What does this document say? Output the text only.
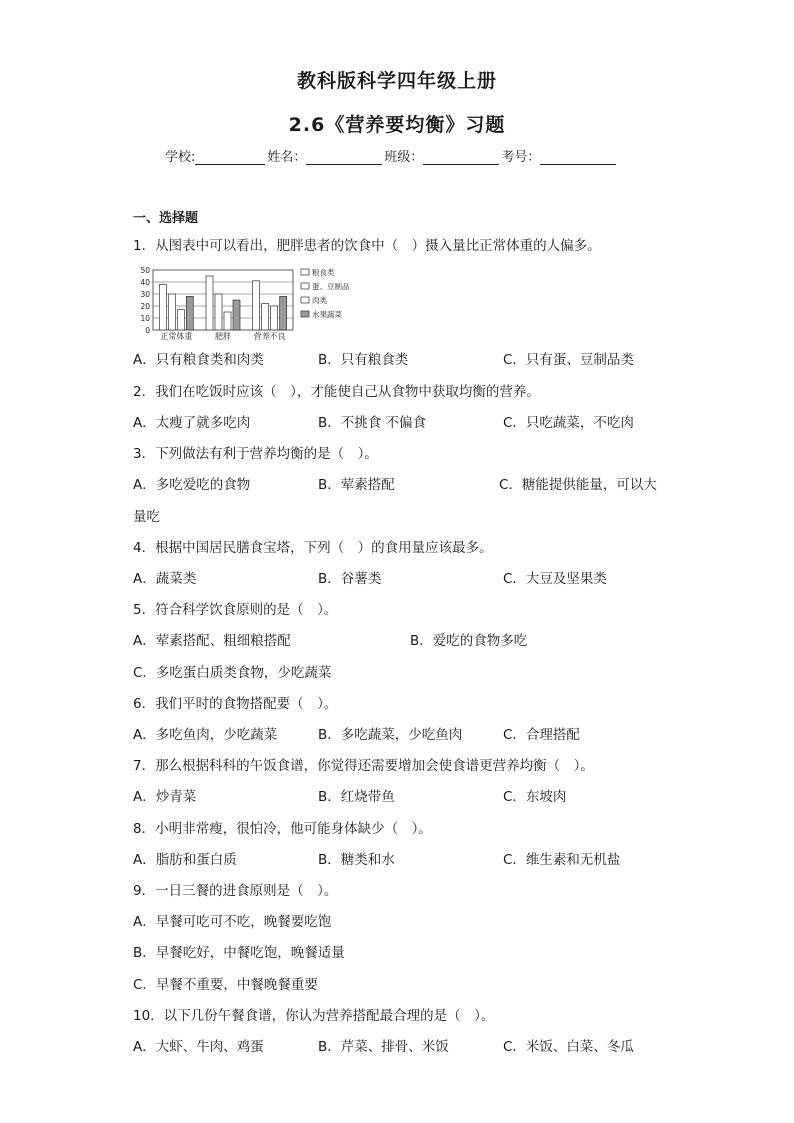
教科版科学四年级上册
2.6《营养要均衡》习题
学校:	姓名：	班级：	考号：
一、选择题
1．从图表中可以看出，肥胖患者的饮食中（　）摄入量比正常体重的人偏多。
0
10
20
30
40
50
正常体重	肥胖	营养不良
粮食类
蛋、豆制品
肉类
水果蔬菜
A．只有粮食类和肉类	B．只有粮食类	C．只有蛋、豆制品类
2．我们在吃饭时应该（　），才能使自己从食物中获取均衡的营养。
A．太瘦了就多吃肉	B．不挑食 不偏食	C．只吃蔬菜，不吃肉
3．下列做法有利于营养均衡的是（　）。
A．多吃爱吃的食物	B．荤素搭配	C．糖能提供能量，可以大
量吃
4．根据中国居民膳食宝塔，下列（　）的食用量应该最多。
A．蔬菜类	B．谷薯类	C．大豆及坚果类
5．符合科学饮食原则的是（　）。
A．荤素搭配、粗细粮搭配	B．爱吃的食物多吃
C．多吃蛋白质类食物，少吃蔬菜
6．我们平时的食物搭配要（　）。
A．多吃鱼肉，少吃蔬菜	B．多吃蔬菜，少吃鱼肉	C．合理搭配
7．那么根据科科的午饭食谱，你觉得还需要增加会使食谱更营养均衡（　）。
A．炒青菜	B．红烧带鱼	C．东坡肉
8．小明非常瘦，很怕冷，他可能身体缺少（　）。
A．脂肪和蛋白质	B．糖类和水	C．维生素和无机盐
9．一日三餐的进食原则是（　）。
A．早餐可吃可不吃，晚餐要吃饱
B．早餐吃好，中餐吃饱，晚餐适量
C．早餐不重要，中餐晚餐重要
10．以下几份午餐食谱，你认为营养搭配最合理的是（　）。
A．大虾、牛肉、鸡蛋	B．芹菜、排骨、米饭	C．米饭、白菜、冬瓜
